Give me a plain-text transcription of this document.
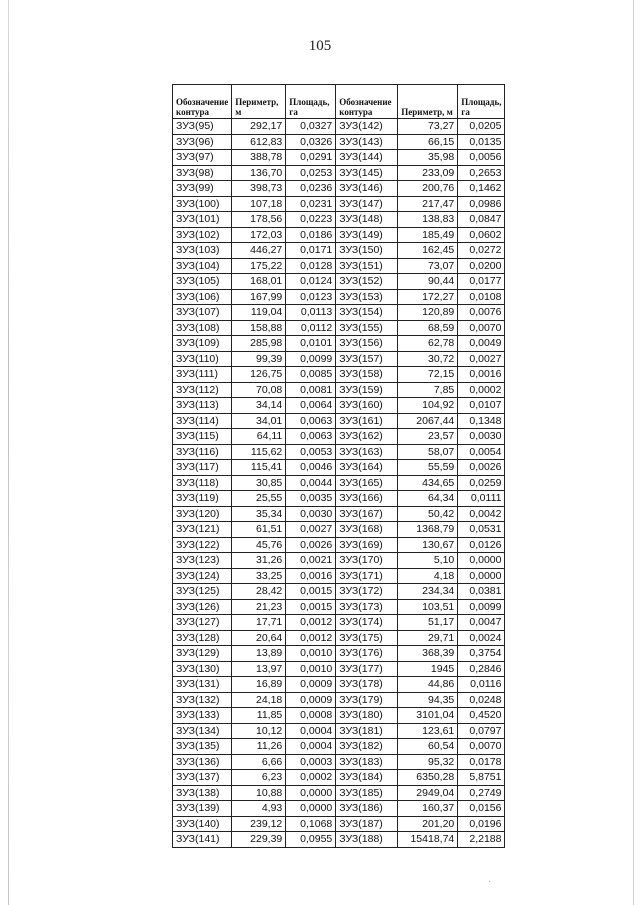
105
Обозначение контура	Периметр, м	Площадь, га	Обозначение контура	Периметр, м	Площадь, га
ЗУЗ(95)	292,17	0,0327	ЗУЗ(142)	73,27	0,0205
ЗУЗ(96)	612,83	0,0326	ЗУЗ(143)	66,15	0,0135
ЗУЗ(97)	388,78	0,0291	ЗУЗ(144)	35,98	0,0056
ЗУЗ(98)	136,70	0,0253	ЗУЗ(145)	233,09	0,2653
ЗУЗ(99)	398,73	0,0236	ЗУЗ(146)	200,76	0,1462
ЗУЗ(100)	107,18	0,0231	ЗУЗ(147)	217,47	0,0986
ЗУЗ(101)	178,56	0,0223	ЗУЗ(148)	138,83	0,0847
ЗУЗ(102)	172,03	0,0186	ЗУЗ(149)	185,49	0,0602
ЗУЗ(103)	446,27	0,0171	ЗУЗ(150)	162,45	0,0272
ЗУЗ(104)	175,22	0,0128	ЗУЗ(151)	73,07	0,0200
ЗУЗ(105)	168,01	0,0124	ЗУЗ(152)	90,44	0,0177
ЗУЗ(106)	167,99	0,0123	ЗУЗ(153)	172,27	0,0108
ЗУЗ(107)	119,04	0,0113	ЗУЗ(154)	120,89	0,0076
ЗУЗ(108)	158,88	0,0112	ЗУЗ(155)	68,59	0,0070
ЗУЗ(109)	285,98	0,0101	ЗУЗ(156)	62,78	0,0049
ЗУЗ(110)	99,39	0,0099	ЗУЗ(157)	30,72	0,0027
ЗУЗ(111)	126,75	0,0085	ЗУЗ(158)	72,15	0,0016
ЗУЗ(112)	70,08	0,0081	ЗУЗ(159)	7,85	0,0002
ЗУЗ(113)	34,14	0,0064	ЗУЗ(160)	104,92	0,0107
ЗУЗ(114)	34,01	0,0063	ЗУЗ(161)	2067,44	0,1348
ЗУЗ(115)	64,11	0,0063	ЗУЗ(162)	23,57	0,0030
ЗУЗ(116)	115,62	0,0053	ЗУЗ(163)	58,07	0,0054
ЗУЗ(117)	115,41	0,0046	ЗУЗ(164)	55,59	0,0026
ЗУЗ(118)	30,85	0,0044	ЗУЗ(165)	434,65	0,0259
ЗУЗ(119)	25,55	0,0035	ЗУЗ(166)	64,34	0,0111
ЗУЗ(120)	35,34	0,0030	ЗУЗ(167)	50,42	0,0042
ЗУЗ(121)	61,51	0,0027	ЗУЗ(168)	1368,79	0,0531
ЗУЗ(122)	45,76	0,0026	ЗУЗ(169)	130,67	0,0126
ЗУЗ(123)	31,26	0,0021	ЗУЗ(170)	5,10	0,0000
ЗУЗ(124)	33,25	0,0016	ЗУЗ(171)	4,18	0,0000
ЗУЗ(125)	28,42	0,0015	ЗУЗ(172)	234,34	0,0381
ЗУЗ(126)	21,23	0,0015	ЗУЗ(173)	103,51	0,0099
ЗУЗ(127)	17,71	0,0012	ЗУЗ(174)	51,17	0,0047
ЗУЗ(128)	20,64	0,0012	ЗУЗ(175)	29,71	0,0024
ЗУЗ(129)	13,89	0,0010	ЗУЗ(176)	368,39	0,3754
ЗУЗ(130)	13,97	0,0010	ЗУЗ(177)	1945	0,2846
ЗУЗ(131)	16,89	0,0009	ЗУЗ(178)	44,86	0,0116
ЗУЗ(132)	24,18	0,0009	ЗУЗ(179)	94,35	0,0248
ЗУЗ(133)	11,85	0,0008	ЗУЗ(180)	3101,04	0,4520
ЗУЗ(134)	10,12	0,0004	ЗУЗ(181)	123,61	0,0797
ЗУЗ(135)	11,26	0,0004	ЗУЗ(182)	60,54	0,0070
ЗУЗ(136)	6,66	0,0003	ЗУЗ(183)	95,32	0,0178
ЗУЗ(137)	6,23	0,0002	ЗУЗ(184)	6350,28	5,8751
ЗУЗ(138)	10,88	0,0000	ЗУЗ(185)	2949,04	0,2749
ЗУЗ(139)	4,93	0,0000	ЗУЗ(186)	160,37	0,0156
ЗУЗ(140)	239,12	0,1068	ЗУЗ(187)	201,20	0,0196
ЗУЗ(141)	229,39	0,0955	ЗУЗ(188)	15418,74	2,2188
·
